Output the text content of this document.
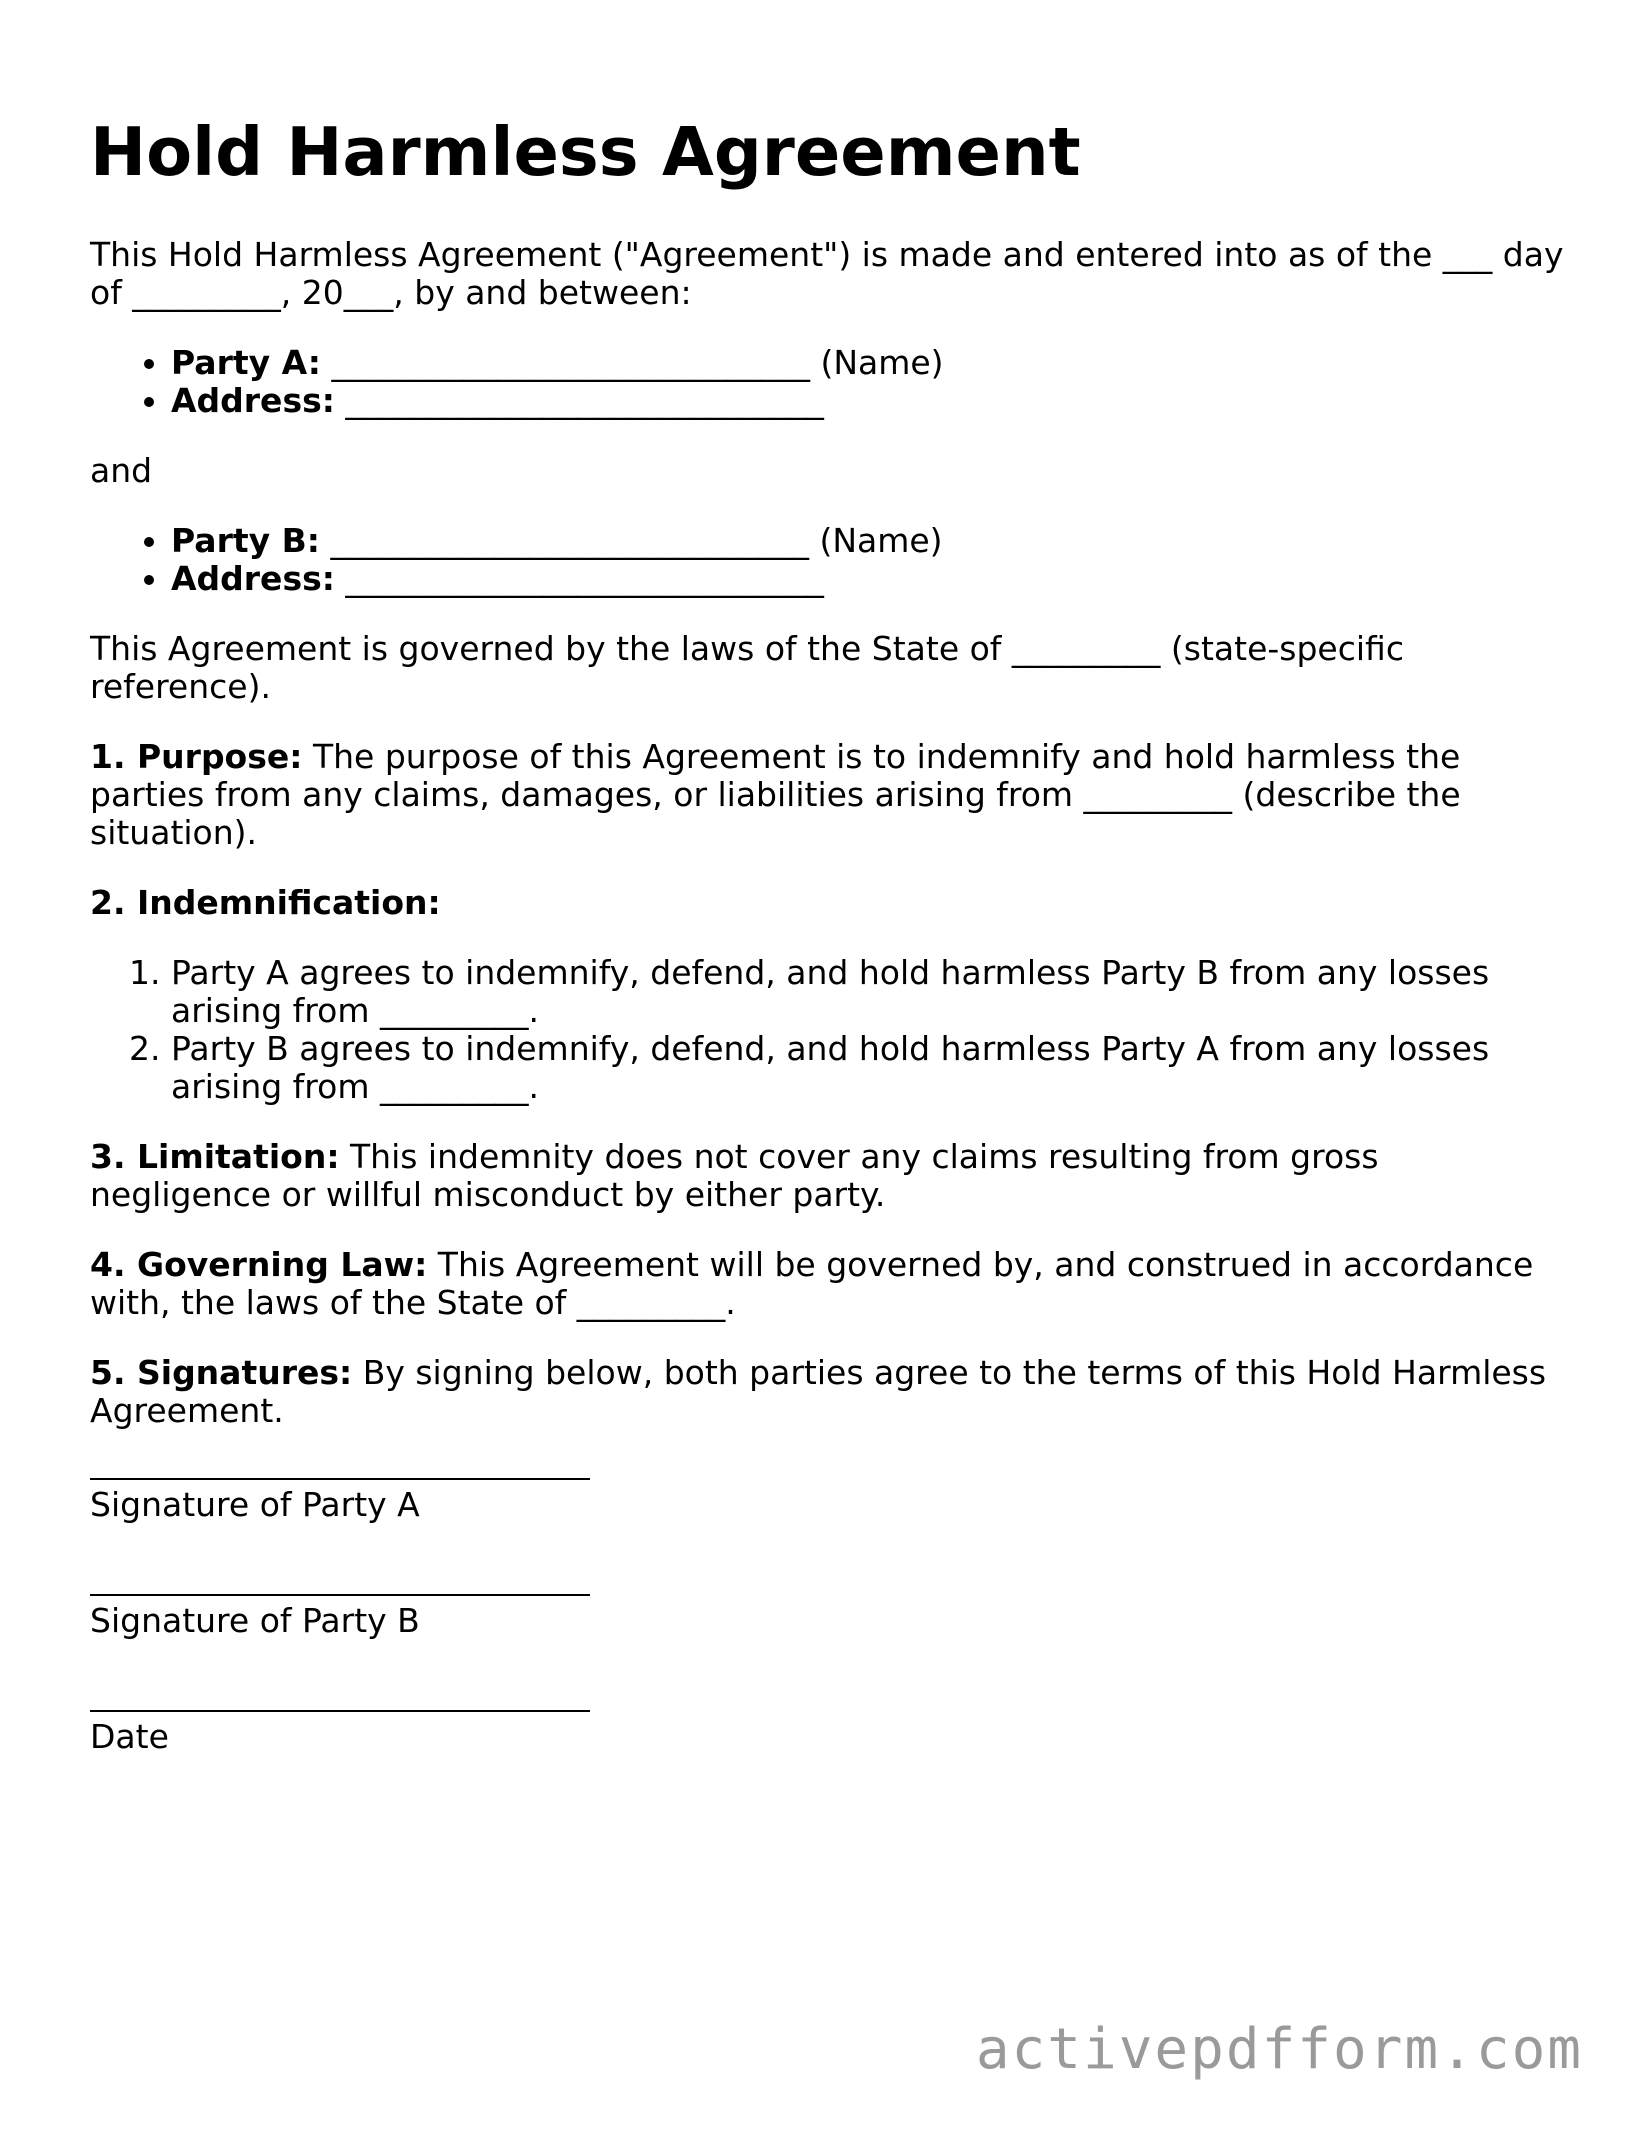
Hold Harmless Agreement

This Hold Harmless Agreement ("Agreement") is made and entered into as of the ___ day of _________, 20___, by and between:

• Party A: _____________________________ (Name)
• Address: _____________________________

and

• Party B: _____________________________ (Name)
• Address: _____________________________

This Agreement is governed by the laws of the State of _________ (state-specific reference).

1. Purpose: The purpose of this Agreement is to indemnify and hold harmless the parties from any claims, damages, or liabilities arising from _________ (describe the situation).

2. Indemnification:

1. Party A agrees to indemnify, defend, and hold harmless Party B from any losses arising from _________.
2. Party B agrees to indemnify, defend, and hold harmless Party A from any losses arising from _________.

3. Limitation: This indemnity does not cover any claims resulting from gross negligence or willful misconduct by either party.

4. Governing Law: This Agreement will be governed by, and construed in accordance with, the laws of the State of _________.

5. Signatures: By signing below, both parties agree to the terms of this Hold Harmless Agreement.

Signature of Party A
Signature of Party B
Date
activepdfform.com
